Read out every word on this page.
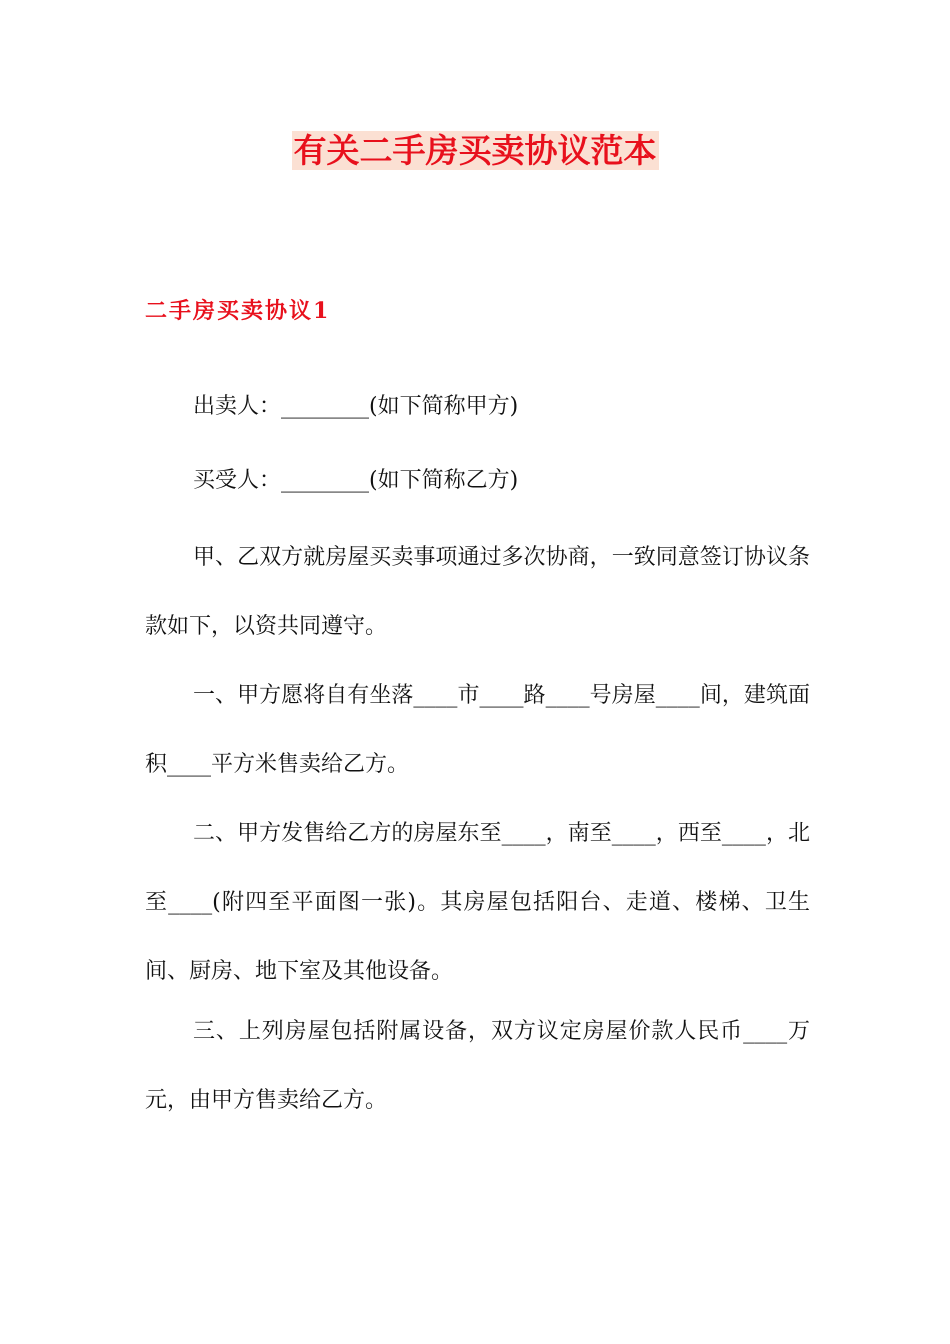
有关二手房买卖协议范本
二手房买卖协议1

出卖人：________(如下简称甲方)

买受人：________(如下简称乙方)

甲、乙双方就房屋买卖事项通过多次协商，一致同意签订协议条 款如下，以资共同遵守。

一、甲方愿将自有坐落____市____路____号房屋____间，建筑面积____平方米售卖给乙方。

二、甲方发售给乙方的房屋东至____，南至____，西至____，北至____(附四至平面图一张)。其房屋包括阳台、走道、楼梯、卫生间、厨房、地下室及其他设备。

三、上列房屋包括附属设备，双方议定房屋价款人民币____万元，由甲方售卖给乙方。
